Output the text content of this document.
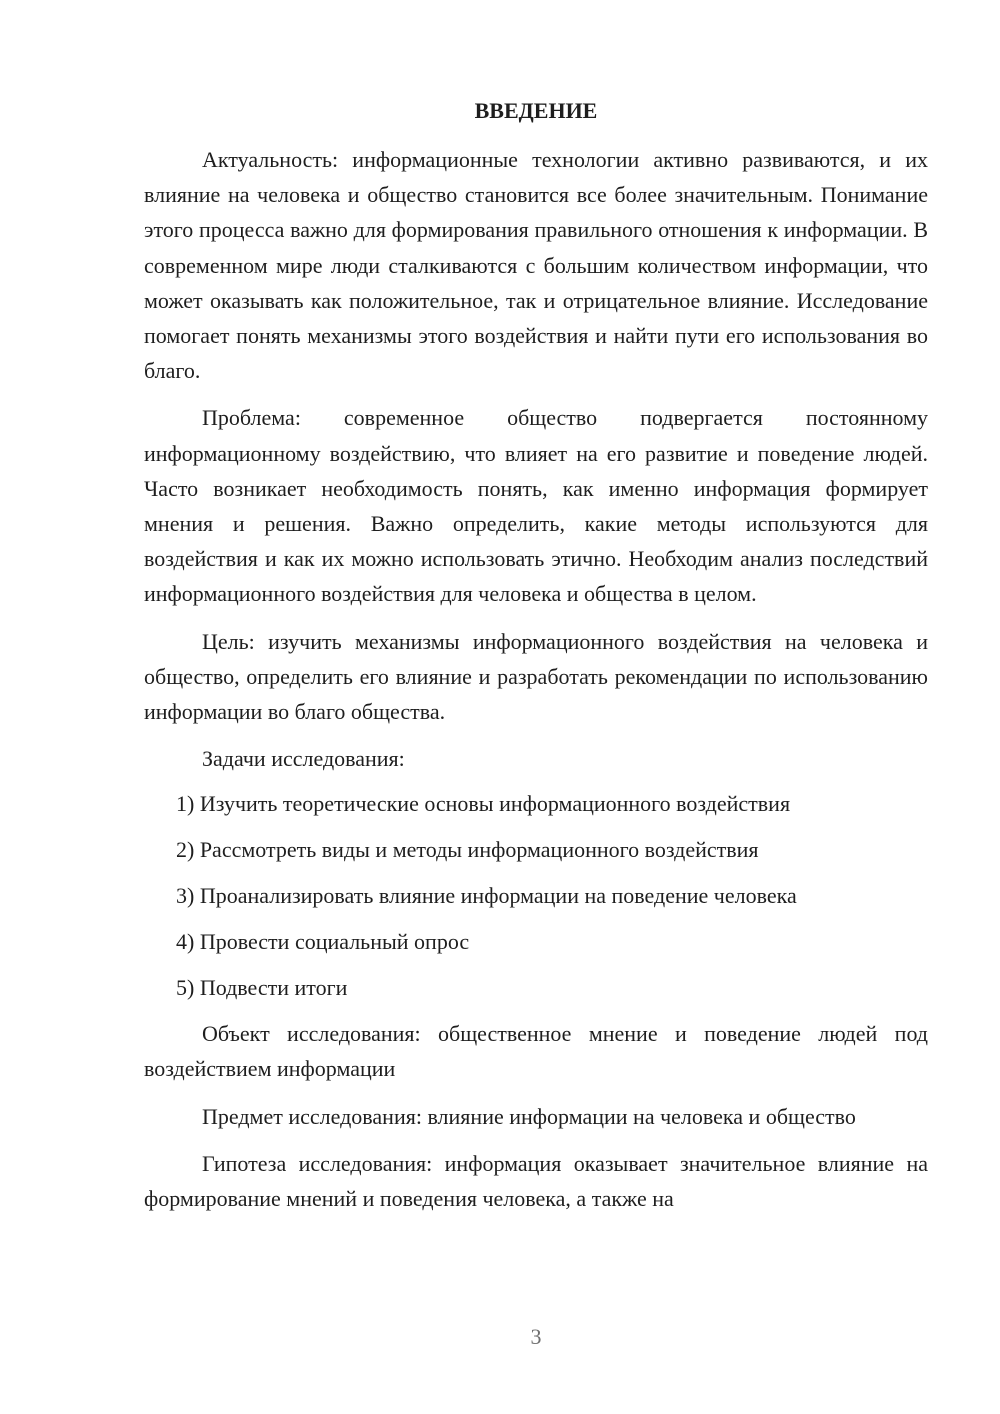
ВВЕДЕНИЕ

Актуальность: информационные технологии активно развиваются, и их влияние на человека и общество становится все более значительным. Понимание этого процесса важно для формирования правильного отношения к информации. В современном мире люди сталкиваются с большим количеством информации, что может оказывать как положительное, так и отрицательное влияние. Исследование помогает понять механизмы этого воздействия и найти пути его использования во благо.

Проблема: современное общество подвергается постоянному информационному воздействию, что влияет на его развитие и поведение людей. Часто возникает необходимость понять, как именно информация формирует мнения и решения. Важно определить, какие методы используются для воздействия и как их можно использовать этично. Необходим анализ последствий информационного воздействия для человека и общества в целом.

Цель: изучить механизмы информационного воздействия на человека и общество, определить его влияние и разработать рекомендации по использованию информации во благо общества.

Задачи исследования:

1) Изучить теоретические основы информационного воздействия
2) Рассмотреть виды и методы информационного воздействия
3) Проанализировать влияние информации на поведение человека
4) Провести социальный опрос
5) Подвести итоги

Объект исследования: общественное мнение и поведение людей под воздействием информации

Предмет исследования: влияние информации на человека и общество

Гипотеза исследования: информация оказывает значительное влияние на формирование мнений и поведения человека, а также на

3
